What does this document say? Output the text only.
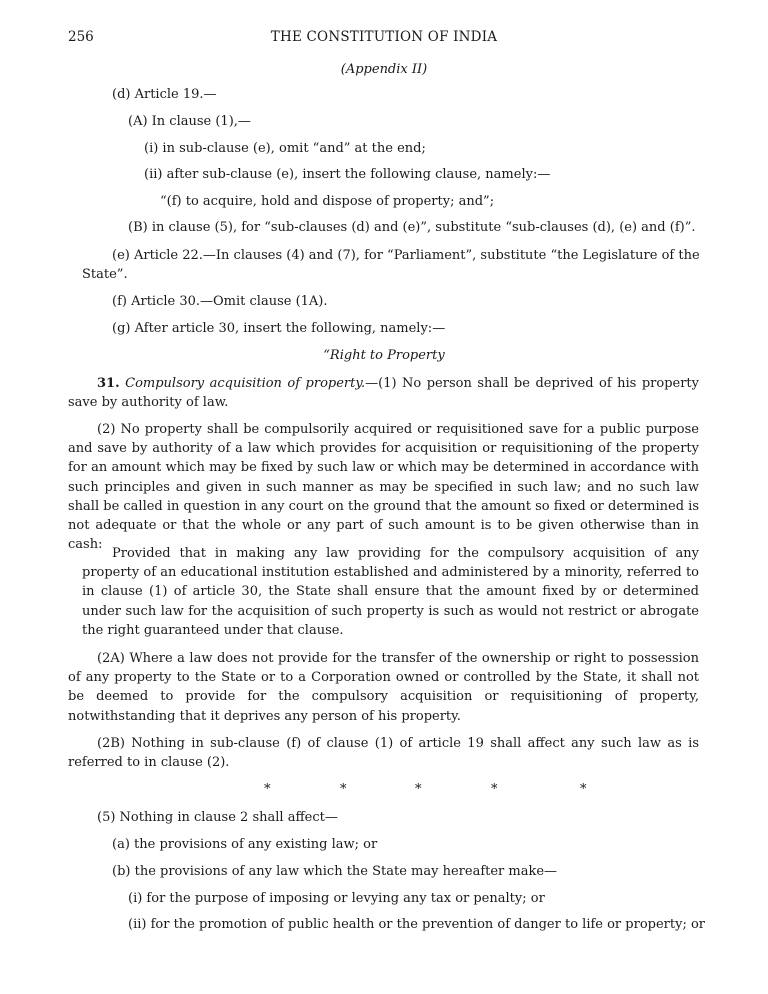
256	THE CONSTITUTION OF INDIA
(Appendix II)
(d) Article 19.—
(A) In clause (1),—
(i) in sub-clause (e), omit “and” at the end;
(ii) after sub-clause (e), insert the following clause, namely:—
“(f) to acquire, hold and dispose of property; and”;
(B) in clause (5), for “sub-clauses (d) and (e)”, substitute “sub-clauses (d), (e) and (f)”.
(e) Article 22.—In clauses (4) and (7), for “Parliament”, substitute “the Legislature of the
State”.
(f) Article 30.—Omit clause (1A).
(g) After article 30, insert the following, namely:—
“Right to Property
31. Compulsory acquisition of property.—(1) No person shall be deprived of his property save by authority of law.
(2) No property shall be compulsorily acquired or requisitioned save for a public purpose and save by authority of a law which provides for acquisition or requisitioning of the property for an amount which may be fixed by such law or which may be determined in accordance with such principles and given in such manner as may be specified in such law; and no such law shall be called in question in any court on the ground that the amount so fixed or determined is not adequate or that the whole or any part of such amount is to be given otherwise than in cash:
Provided that in making any law providing for the compulsory acquisition of any property of an educational institution established and administered by a minority, referred to in clause (1) of article 30, the State shall ensure that the amount fixed by or determined under such law for the acquisition of such property is such as would not restrict or abrogate the right guaranteed under that clause.
(2A) Where a law does not provide for the transfer of the ownership or right to possession of any property to the State or to a Corporation owned or controlled by the State, it shall not be deemed to provide for the compulsory acquisition or requisitioning of property, notwithstanding that it deprives any person of his property.
(2B) Nothing in sub-clause (f) of clause (1) of article 19 shall affect any such law as is referred to in clause (2).
*	*	*	*	*
(5) Nothing in clause 2 shall affect—
(a) the provisions of any existing law; or
(b) the provisions of any law which the State may hereafter make—
(i) for the purpose of imposing or levying any tax or penalty; or
(ii) for the promotion of public health or the prevention of danger to life or property; or
